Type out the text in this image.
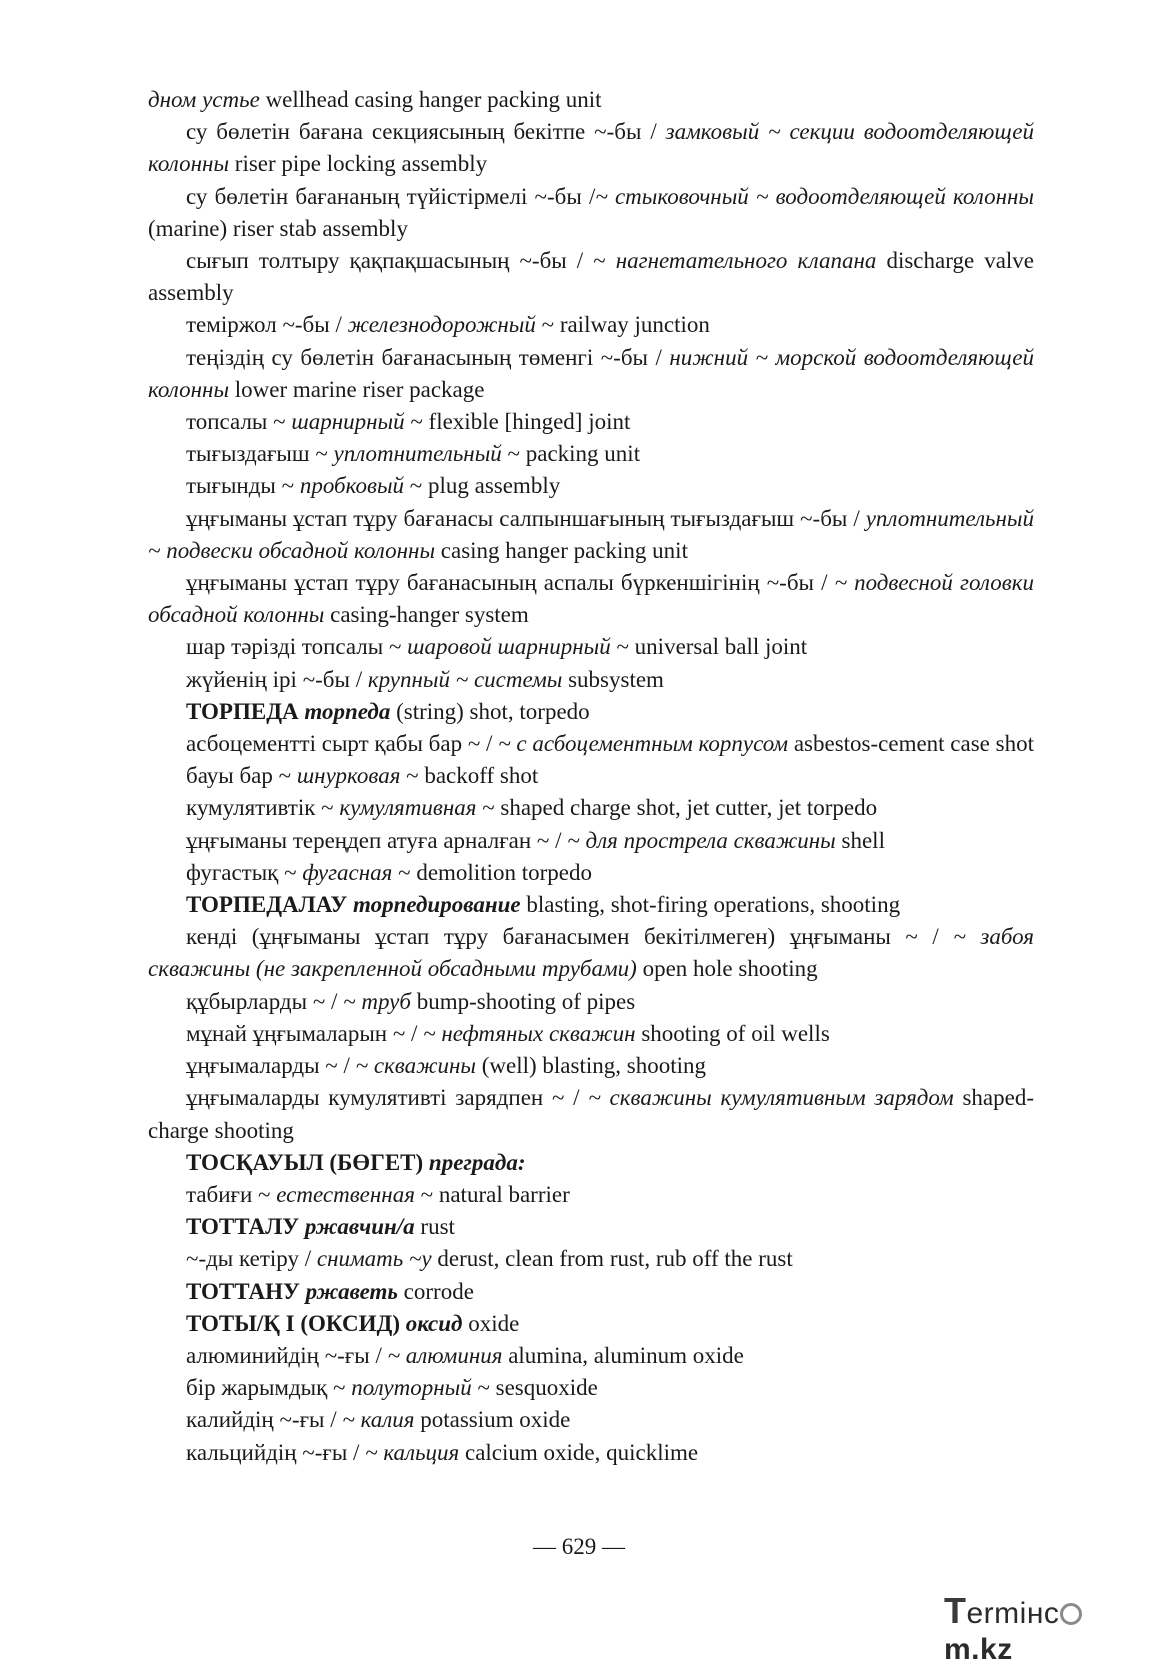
дном устье wellhead casing hanger packing unit

су бөлетін бағана секциясының бекітпе ~-бы / замковый ~ секции водоотделяющей колонны riser pipe locking assembly

су бөлетін бағананың түйістірмелі ~-бы /~ стыковочный ~ водоотделяющей колонны (marine) riser stab assembly

сығып толтыру қақпақшасының ~-бы / ~ нагнетательного клапана discharge valve assembly

теміржол ~-бы / железнодорожный ~ railway junction

теңіздің су бөлетін бағанасының төменгі ~-бы / нижний ~ морской водоотделяющей колонны lower marine riser package

топсалы ~ шарнирный ~ flexible [hinged] joint

тығыздағыш ~ уплотнительный ~ packing unit

тығынды ~ пробковый ~ plug assembly

ұңғыманы ұстап тұру бағанасы салпыншағының тығыздағыш ~-бы / уплотнительный ~ подвески обсадной колонны casing hanger packing unit

ұңғыманы ұстап тұру бағанасының аспалы бүркеншігінің ~-бы / ~ подвесной головки обсадной колонны casing-hanger system

шар тәрізді топсалы ~ шаровой шарнирный ~ universal ball joint

жүйенің ірі ~-бы / крупный ~ системы subsystem

ТОРПЕДА торпеда (string) shot, torpedo

асбоцементті сырт қабы бар ~ / ~ с асбоцементным корпусом asbestos-cement case shot

бауы бар ~ шнурковая ~ backoff shot

кумулятивтік ~ кумулятивная ~ shaped charge shot, jet cutter, jet torpedo

ұңғыманы тереңдеп атуға арналған ~ / ~ для прострела скважины shell

фугастық ~ фугасная ~ demolition torpedo

ТОРПЕДАЛАУ торпедирование blasting, shot-firing operations, shooting

кенді (ұңғыманы ұстап тұру бағанасымен бекітілмеген) ұңғыманы ~ / ~ забоя скважины (не закрепленной обсадными трубами) open hole shooting

құбырларды ~ / ~ труб bump-shooting of pipes

мұнай ұңғымаларын ~ / ~ нефтяных скважин shooting of oil wells

ұңғымаларды ~ / ~ скважины (well) blasting, shooting

ұңғымаларды кумулятивті зарядпен ~ / ~ скважины кумулятивным зарядом shaped-charge shooting

ТОСҚАУЫЛ (БӨГЕТ) преграда:

табиғи ~ естественная ~ natural barrier

ТОТТАЛУ ржавчин/а rust

~-ды кетіру / снимать ~у derust, clean from rust, rub off the rust

ТОТТАНУ ржаветь corrode

ТОТЫ/Қ І (ОКСИД) оксид oxide

алюминийдің ~-ғы / ~ алюминия alumina, aluminum oxide

бір жарымдық ~ полуторный ~ sesquoxide

калийдің ~-ғы / ~ калия potassium oxide

кальцийдің ~-ғы / ~ кальция calcium oxide, quicklime

— 629 —
Termінcm.kz
